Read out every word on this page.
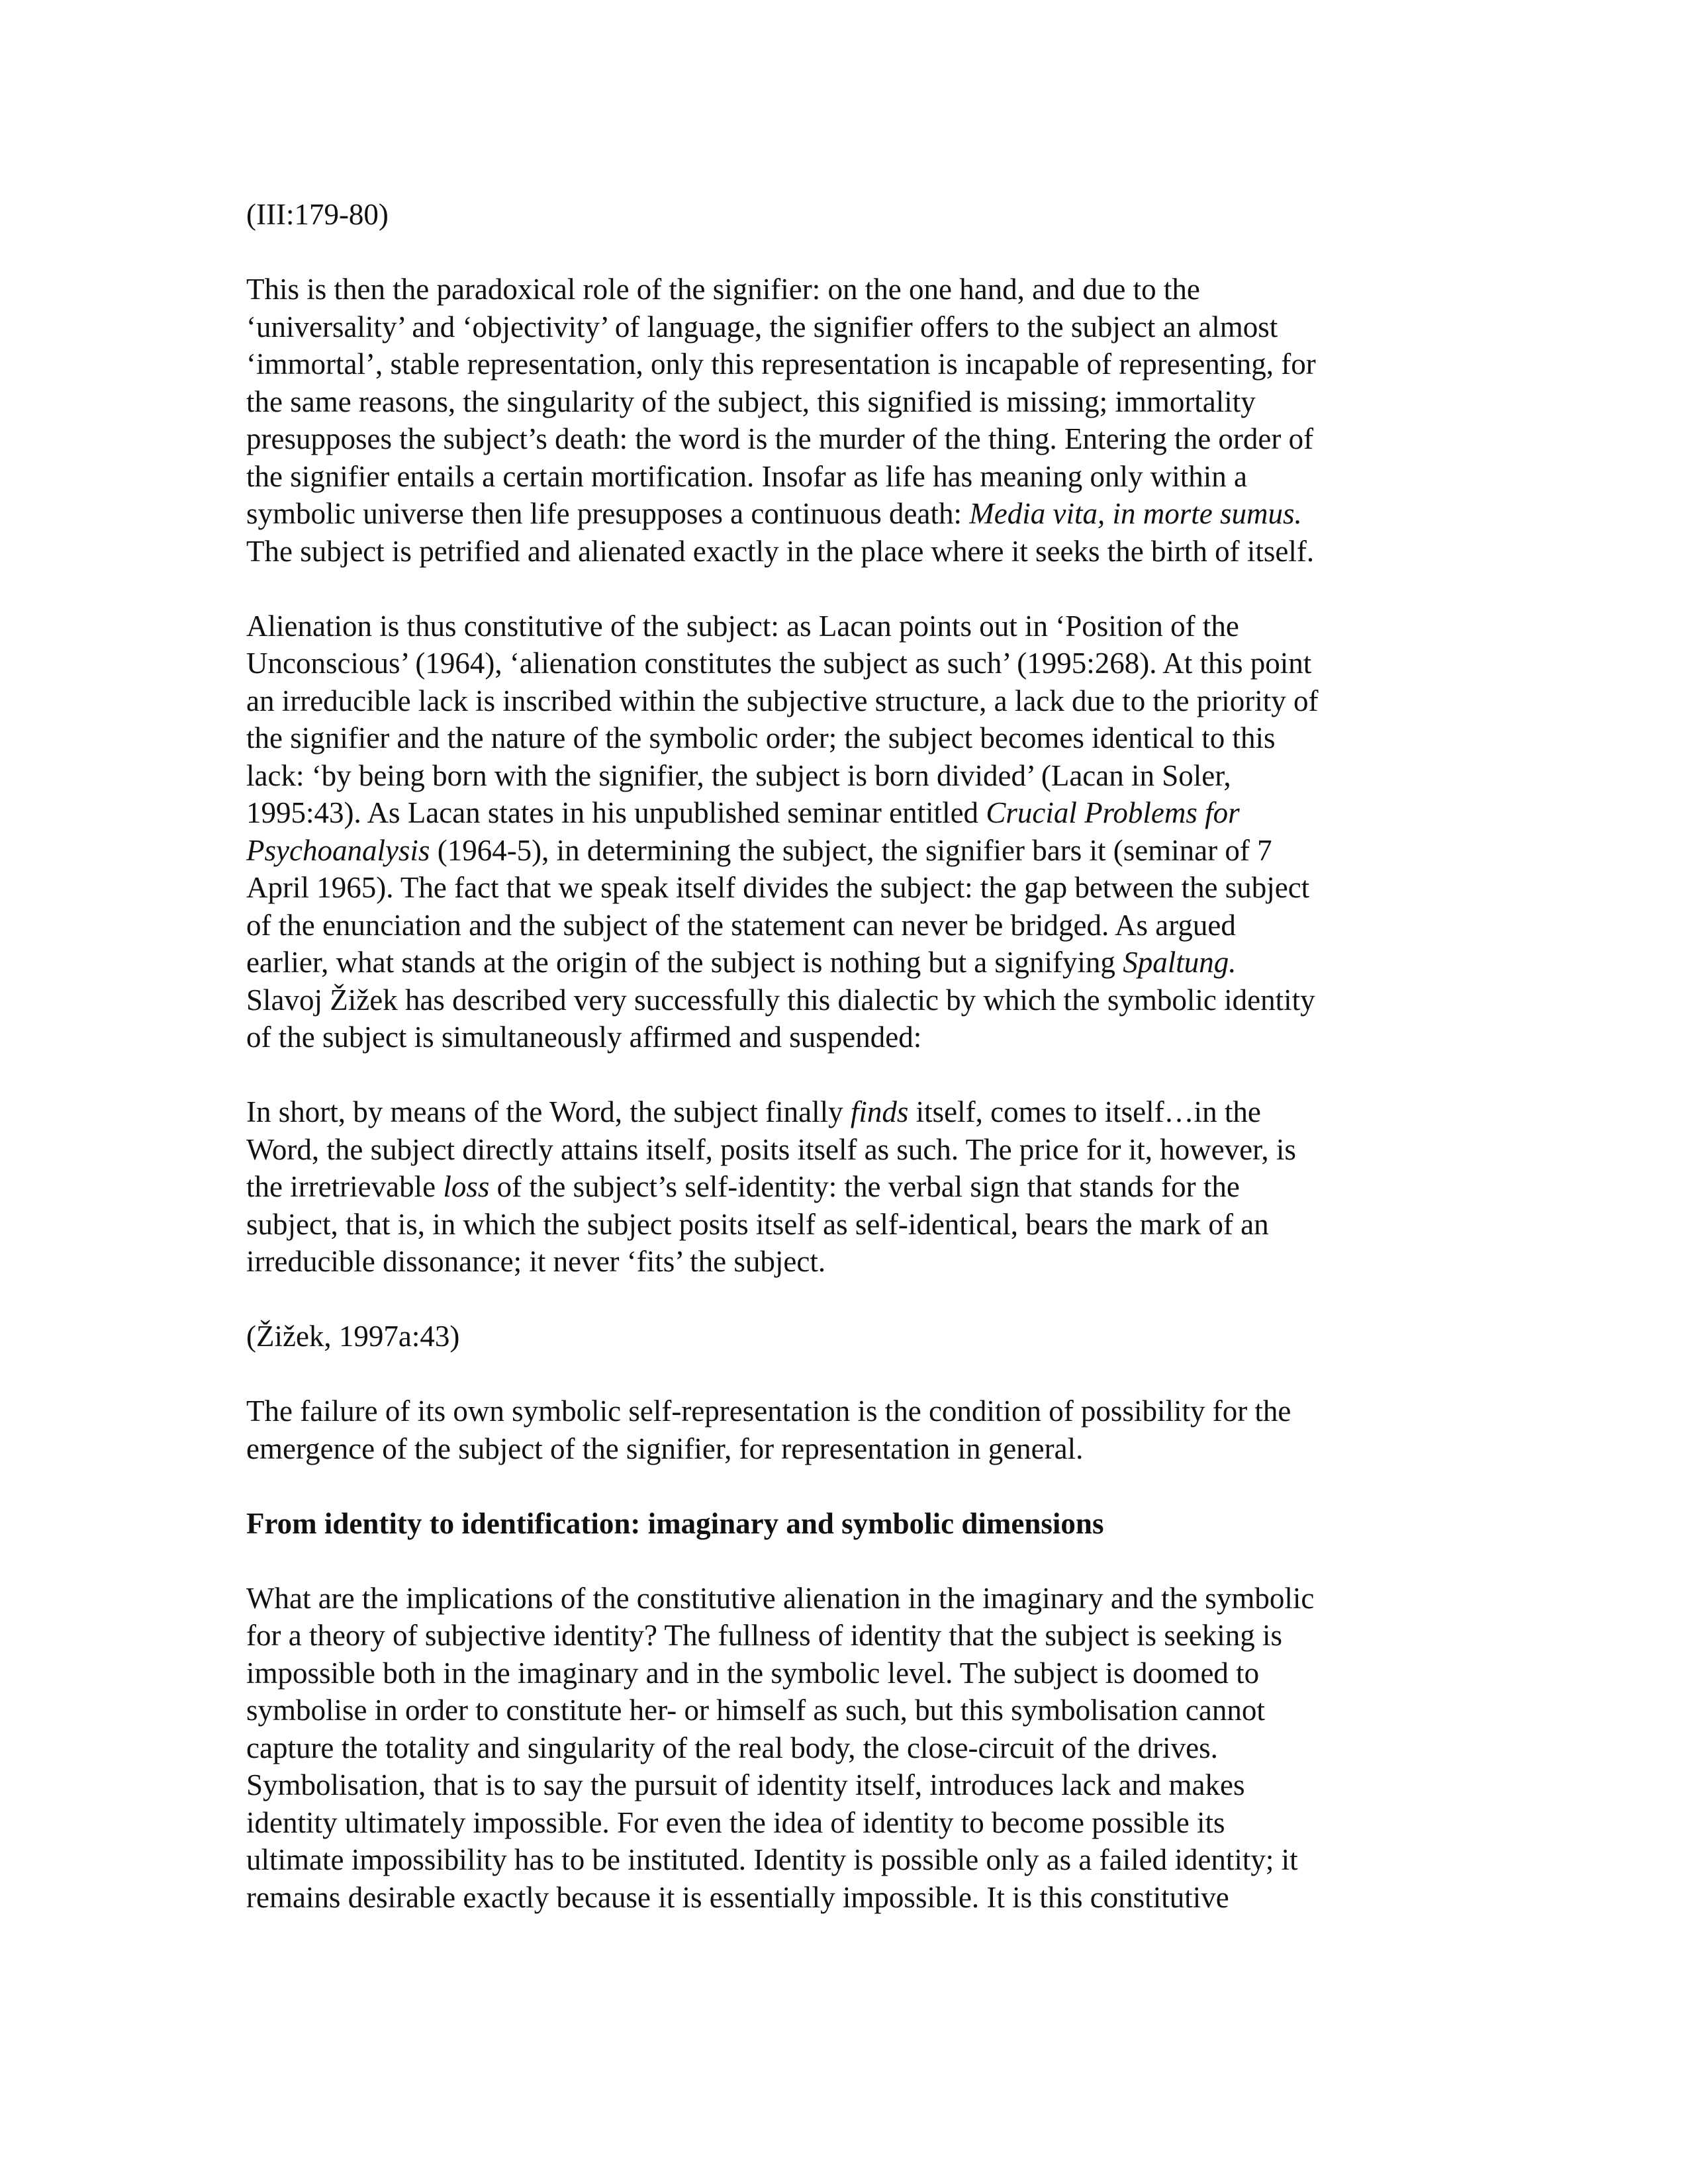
(III:179-80)

This is then the paradoxical role of the signifier: on the one hand, and due to the
‘universality’ and ‘objectivity’ of language, the signifier offers to the subject an almost
‘immortal’, stable representation, only this representation is incapable of representing, for
the same reasons, the singularity of the subject, this signified is missing; immortality
presupposes the subject’s death: the word is the murder of the thing. Entering the order of
the signifier entails a certain mortification. Insofar as life has meaning only within a
symbolic universe then life presupposes a continuous death: Media vita, in morte sumus.
The subject is petrified and alienated exactly in the place where it seeks the birth of itself.

Alienation is thus constitutive of the subject: as Lacan points out in ‘Position of the
Unconscious’ (1964), ‘alienation constitutes the subject as such’ (1995:268). At this point
an irreducible lack is inscribed within the subjective structure, a lack due to the priority of
the signifier and the nature of the symbolic order; the subject becomes identical to this
lack: ‘by being born with the signifier, the subject is born divided’ (Lacan in Soler,
1995:43). As Lacan states in his unpublished seminar entitled Crucial Problems for
Psychoanalysis (1964-5), in determining the subject, the signifier bars it (seminar of 7
April 1965). The fact that we speak itself divides the subject: the gap between the subject
of the enunciation and the subject of the statement can never be bridged. As argued
earlier, what stands at the origin of the subject is nothing but a signifying Spaltung.
Slavoj Žižek has described very successfully this dialectic by which the symbolic identity
of the subject is simultaneously affirmed and suspended:

In short, by means of the Word, the subject finally finds itself, comes to itself…in the
Word, the subject directly attains itself, posits itself as such. The price for it, however, is
the irretrievable loss of the subject’s self-identity: the verbal sign that stands for the
subject, that is, in which the subject posits itself as self-identical, bears the mark of an
irreducible dissonance; it never ‘fits’ the subject.

(Žižek, 1997a:43)

The failure of its own symbolic self-representation is the condition of possibility for the
emergence of the subject of the signifier, for representation in general.

From identity to identification: imaginary and symbolic dimensions

What are the implications of the constitutive alienation in the imaginary and the symbolic
for a theory of subjective identity? The fullness of identity that the subject is seeking is
impossible both in the imaginary and in the symbolic level. The subject is doomed to
symbolise in order to constitute her- or himself as such, but this symbolisation cannot
capture the totality and singularity of the real body, the close-circuit of the drives.
Symbolisation, that is to say the pursuit of identity itself, introduces lack and makes
identity ultimately impossible. For even the idea of identity to become possible its
ultimate impossibility has to be instituted. Identity is possible only as a failed identity; it
remains desirable exactly because it is essentially impossible. It is this constitutive
